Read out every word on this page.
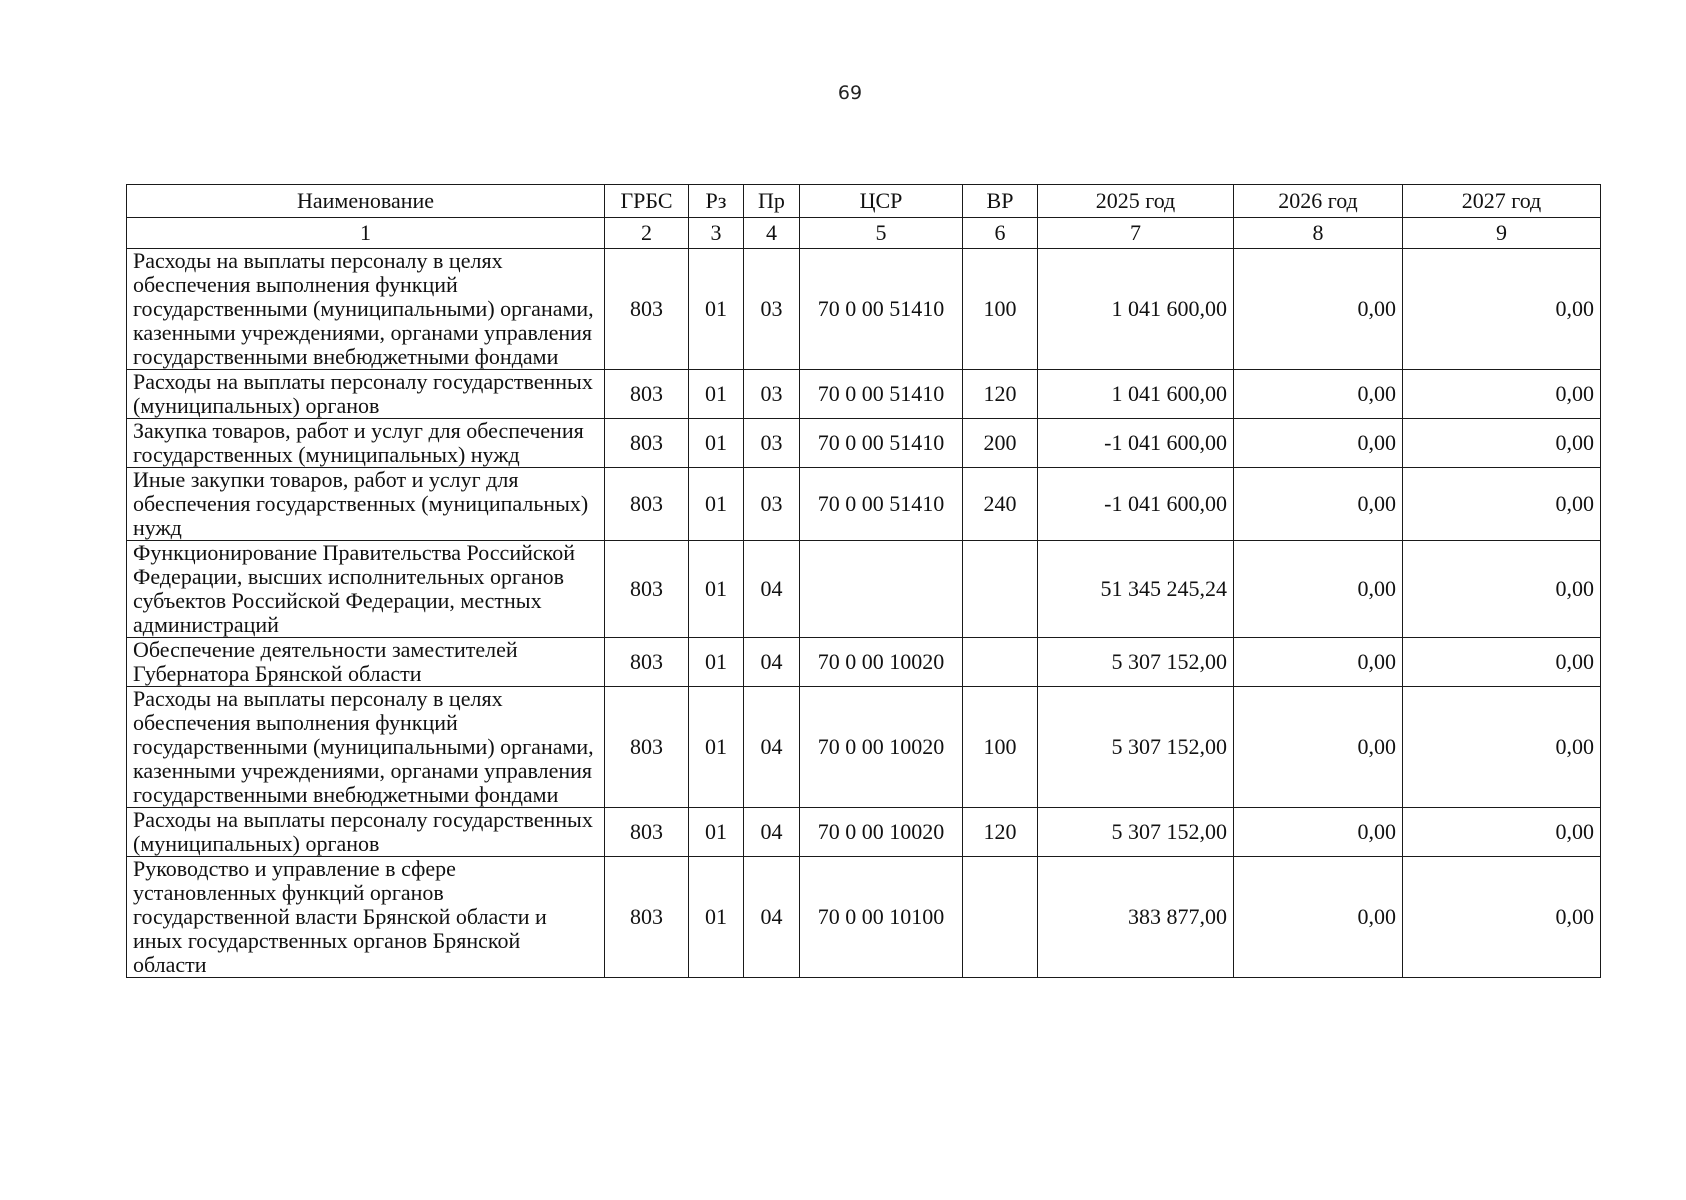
69
Наименование	ГРБС	Рз	Пр	ЦСР	ВР	2025 год	2026 год	2027 год
1	2	3	4	5	6	7	8	9
Расходы на выплаты персоналу в целях обеспечения выполнения функций государственными (муниципальными) органами, казенными учреждениями, органами управления государственными внебюджетными фондами	803	01	03	70 0 00 51410	100	1 041 600,00	0,00	0,00
Расходы на выплаты персоналу государственных (муниципальных) органов	803	01	03	70 0 00 51410	120	1 041 600,00	0,00	0,00
Закупка товаров, работ и услуг для обеспечения государственных (муниципальных) нужд	803	01	03	70 0 00 51410	200	-1 041 600,00	0,00	0,00
Иные закупки товаров, работ и услуг для обеспечения государственных (муниципальных) нужд	803	01	03	70 0 00 51410	240	-1 041 600,00	0,00	0,00
Функционирование Правительства Российской Федерации, высших исполнительных органов субъектов Российской Федерации, местных администраций	803	01	04			51 345 245,24	0,00	0,00
Обеспечение деятельности заместителей Губернатора Брянской области	803	01	04	70 0 00 10020		5 307 152,00	0,00	0,00
Расходы на выплаты персоналу в целях обеспечения выполнения функций государственными (муниципальными) органами, казенными учреждениями, органами управления государственными внебюджетными фондами	803	01	04	70 0 00 10020	100	5 307 152,00	0,00	0,00
Расходы на выплаты персоналу государственных (муниципальных) органов	803	01	04	70 0 00 10020	120	5 307 152,00	0,00	0,00
Руководство и управление в сфере установленных функций органов государственной власти Брянской области и иных государственных органов Брянской области	803	01	04	70 0 00 10100		383 877,00	0,00	0,00
